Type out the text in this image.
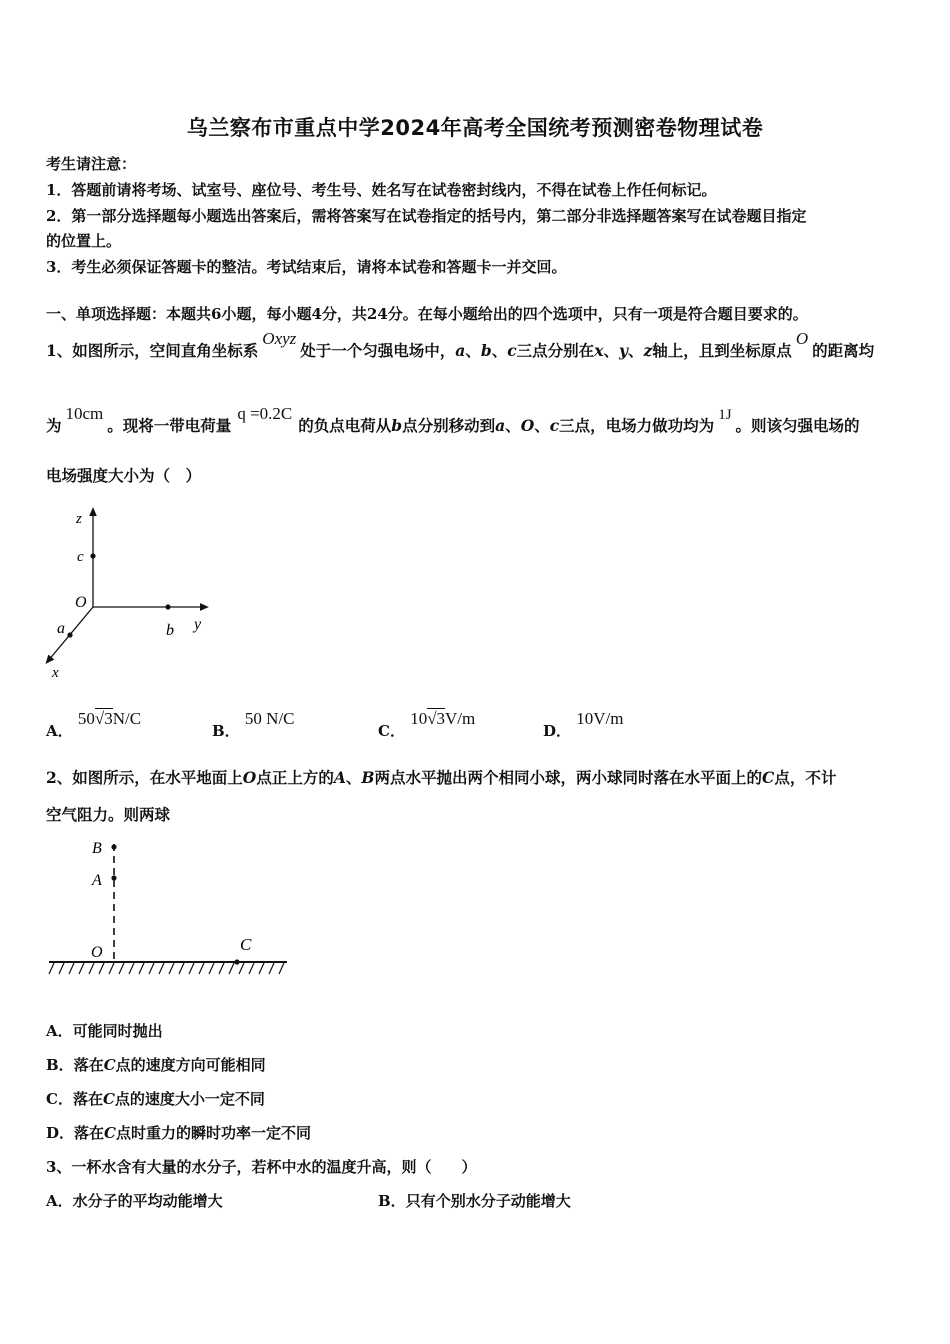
乌兰察布市重点中学2024年高考全国统考预测密卷物理试卷
考生请注意：
1．答题前请将考场、试室号、座位号、考生号、姓名写在试卷密封线内，不得在试卷上作任何标记。
2．第一部分选择题每小题选出答案后，需将答案写在试卷指定的括号内，第二部分非选择题答案写在试卷题目指定
的位置上。
3．考生必须保证答题卡的整洁。考试结束后，请将本试卷和答题卡一并交回。
一、单项选择题：本题共6小题，每小题4分，共24分。在每小题给出的四个选项中，只有一项是符合题目要求的。
1、如图所示，空间直角坐标系Oxyz处于一个匀强电场中，a、b、c三点分别在x、y、z轴上，且到坐标原点O的距离均
为10cm。现将一带电荷量q =0.2C的负点电荷从b点分别移动到a、O、c三点，电场力做功均为1J。则该匀强电场的
电场强度大小为（　）
z
c
O
a	b y
x
A． 50√3N/C
B． 50 N/C
C． 10√3V/m
D． 10V/m
2、如图所示，在水平地面上O点正上方的A、B两点水平抛出两个相同小球，两小球同时落在水平面上的C点，不计
空气阻力。则两球
B
A
O	C
A．可能同时抛出
B．落在C点的速度方向可能相同
C．落在C点的速度大小一定不同
D．落在C点时重力的瞬时功率一定不同
3、一杯水含有大量的水分子，若杯中水的温度升高，则（　　）
A．水分子的平均动能增大	B．只有个别水分子动能增大
